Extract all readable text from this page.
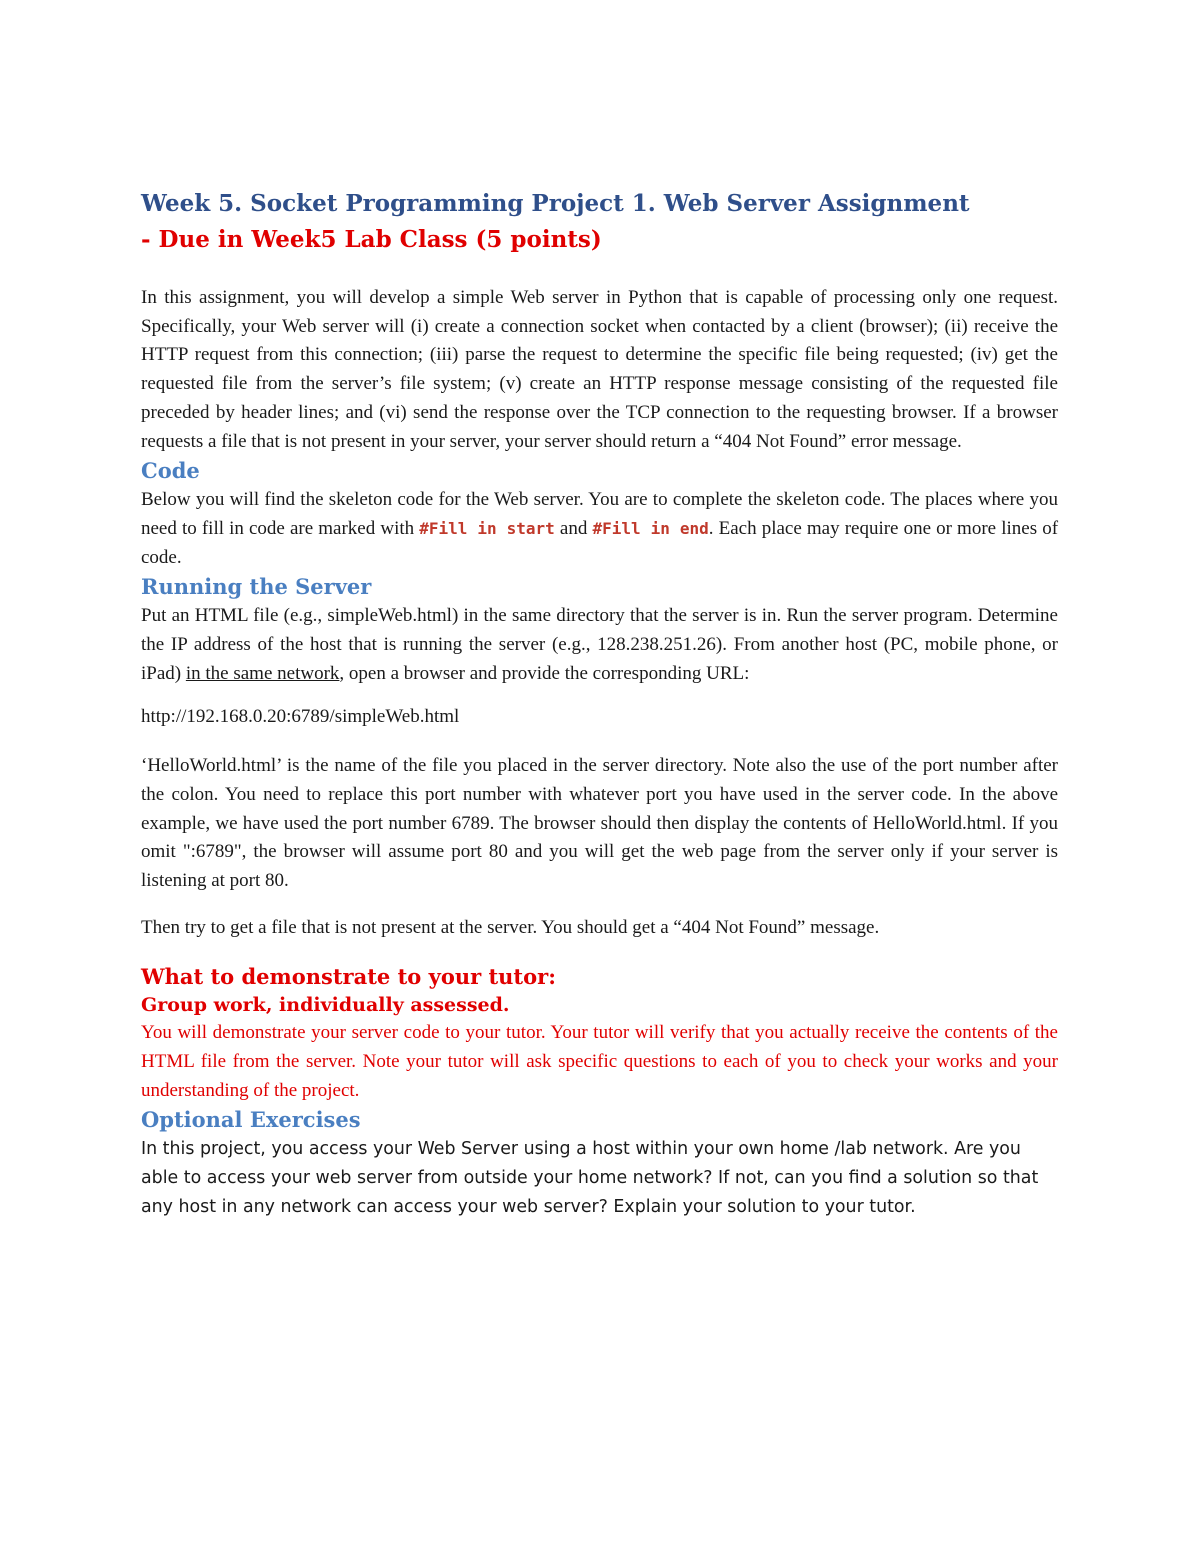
Week 5. Socket Programming Project 1. Web Server Assignment
- Due in Week5 Lab Class (5 points)

In this assignment, you will develop a simple Web server in Python that is capable of processing only one request. Specifically, your Web server will (i) create a connection socket when contacted by a client (browser); (ii) receive the HTTP request from this connection; (iii) parse the request to determine the specific file being requested; (iv) get the requested file from the server’s file system; (v) create an HTTP response message consisting of the requested file preceded by header lines; and (vi) send the response over the TCP connection to the requesting browser. If a browser requests a file that is not present in your server, your server should return a “404 Not Found” error message.

Code

Below you will find the skeleton code for the Web server. You are to complete the skeleton code. The places where you need to fill in code are marked with #Fill in start and #Fill in end. Each place may require one or more lines of code.

Running the Server

Put an HTML file (e.g., simpleWeb.html) in the same directory that the server is in. Run the server program. Determine the IP address of the host that is running the server (e.g., 128.238.251.26). From another host (PC, mobile phone, or iPad) in the same network, open a browser and provide the corresponding URL:

http://192.168.0.20:6789/simpleWeb.html

‘HelloWorld.html’ is the name of the file you placed in the server directory. Note also the use of the port number after the colon. You need to replace this port number with whatever port you have used in the server code. In the above example, we have used the port number 6789. The browser should then display the contents of HelloWorld.html. If you omit ":6789", the browser will assume port 80 and you will get the web page from the server only if your server is listening at port 80.

Then try to get a file that is not present at the server. You should get a “404 Not Found” message.

What to demonstrate to your tutor:
Group work, individually assessed.

You will demonstrate your server code to your tutor. Your tutor will verify that you actually receive the contents of the HTML file from the server. Note your tutor will ask specific questions to each of you to check your works and your understanding of the project.

Optional Exercises

In this project, you access your Web Server using a host within your own home /lab network. Are you

able to access your web server from outside your home network? If not, can you find a solution so that

any host in any network can access your web server? Explain your solution to your tutor.
